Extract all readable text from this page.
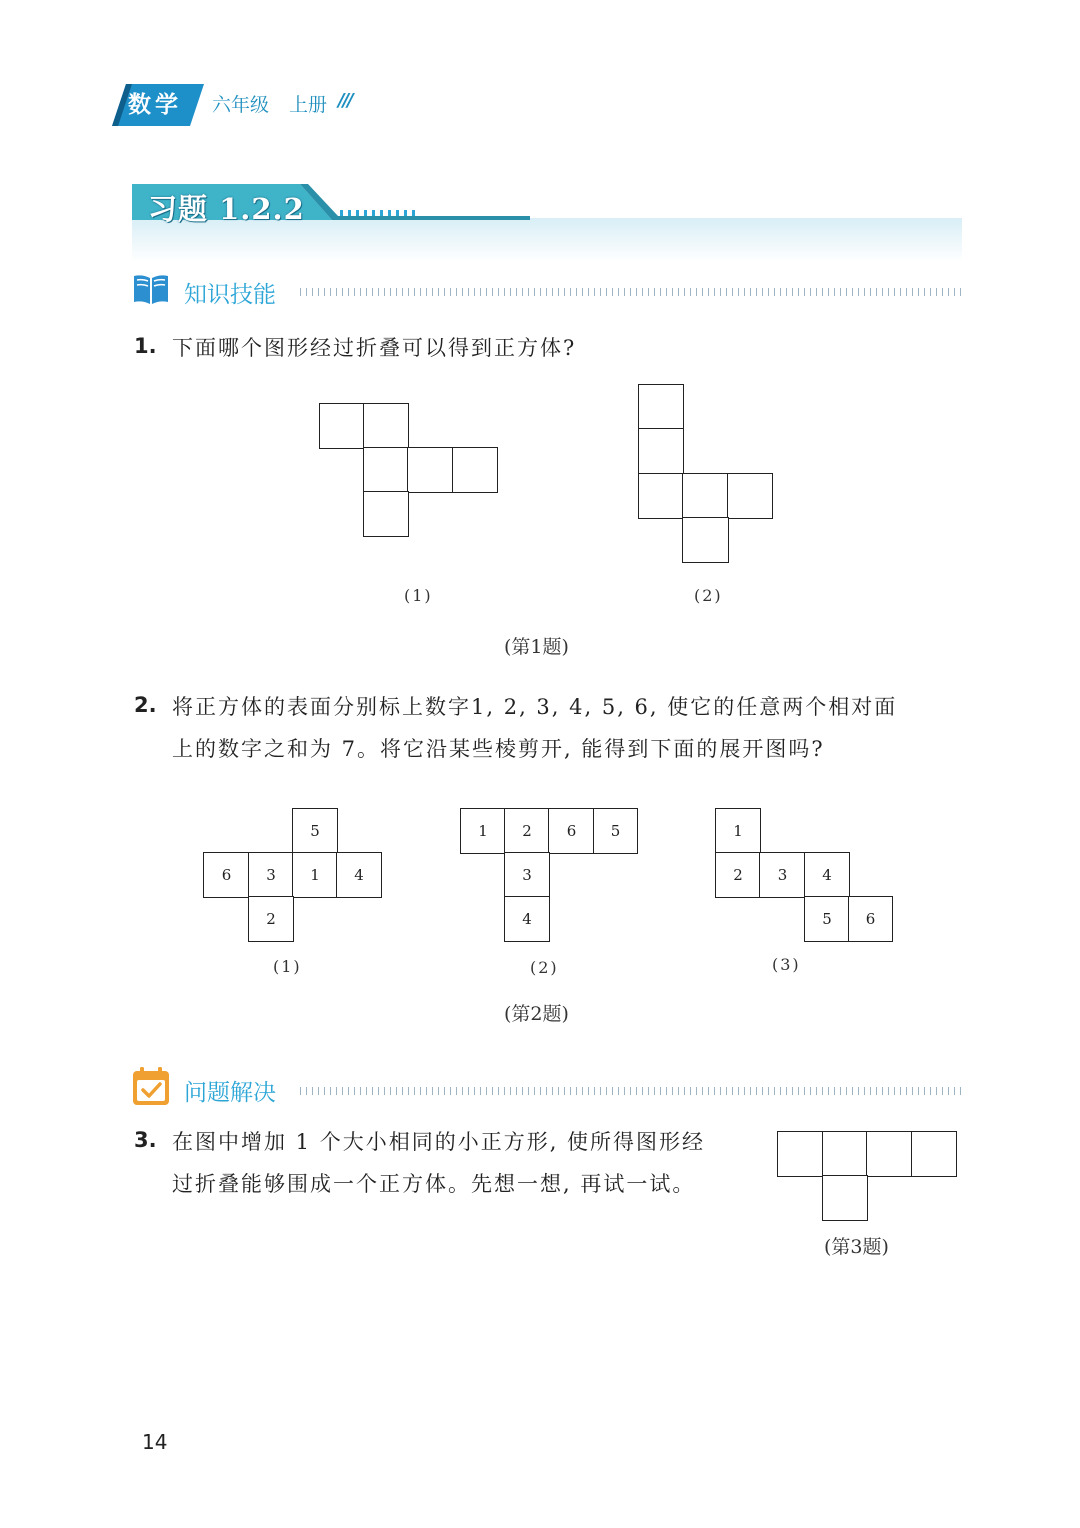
数学 六年级 上册 ///
习题 1.2.2
知识技能
1. 下面哪个图形经过折叠可以得到正方体?
(1)	(2)
(第1题)
2. 将正方体的表面分别标上数字1, 2, 3, 4, 5, 6, 使它的任意两个相对面
上的数字之和为 7。将它沿某些棱剪开, 能得到下面的展开图吗?
5
6	3	1	4
2
1	2	6	5
3
4
1
2	3	4
5	6
(1)	(2)	(3)
(第2题)
问题解决
3. 在图中增加 1 个大小相同的小正方形, 使所得图形经
过折叠能够围成一个正方体。先想一想, 再试一试。
(第3题)
14
